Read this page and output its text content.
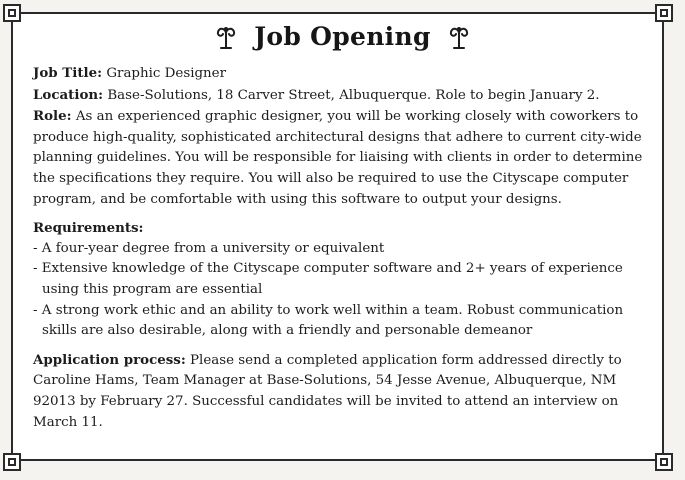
Job Opening

Job Title: Graphic Designer

Location: Base-Solutions, 18 Carver Street, Albuquerque. Role to begin January 2.

Role: As an experienced graphic designer, you will be working closely with coworkers to produce high-quality, sophisticated architectural designs that adhere to current city-wide planning guidelines. You will be responsible for liaising with clients in order to determine the specifications they require. You will also be required to use the Cityscape computer program, and be comfortable with using this software to output your designs.

Requirements:

- A four-year degree from a university or equivalent
- Extensive knowledge of the Cityscape computer software and 2+ years of experience using this program are essential
- A strong work ethic and an ability to work well within a team. Robust communication skills are also desirable, along with a friendly and personable demeanor

Application process: Please send a completed application form addressed directly to Caroline Hams, Team Manager at Base-Solutions, 54 Jesse Avenue, Albuquerque, NM 92013 by February 27. Successful candidates will be invited to attend an interview on March 11.
